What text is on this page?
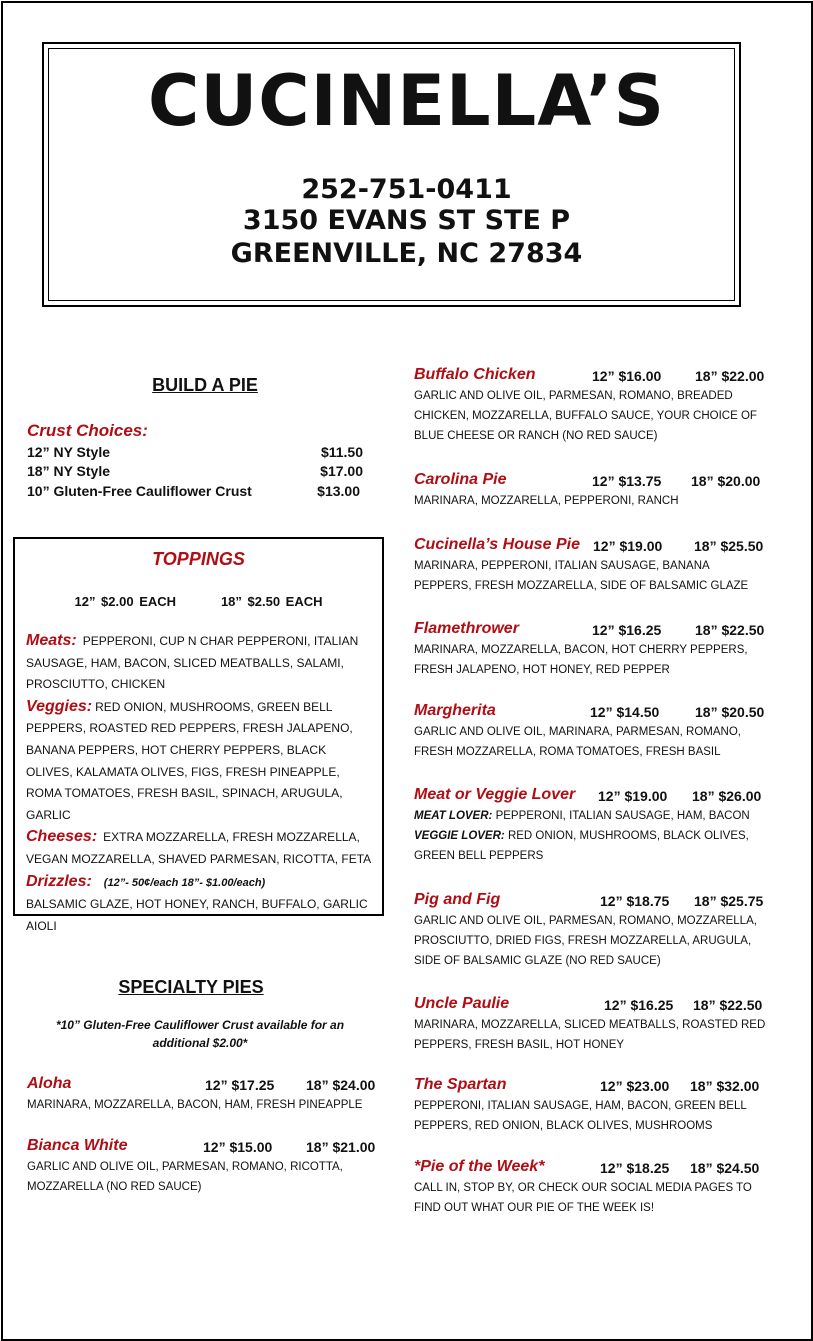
CUCINELLA’S
252-751-0411
3150 EVANS ST STE P
GREENVILLE, NC 27834
BUILD A PIE
Crust Choices:
12” NY Style	$11.50
18” NY Style	$17.00
10” Gluten-Free Cauliflower Crust	$13.00
TOPPINGS
12” $2.00 EACH	18” $2.50 EACH
Meats: PEPPERONI, CUP N CHAR PEPPERONI, ITALIAN SAUSAGE, HAM, BACON, SLICED MEATBALLS, SALAMI, PROSCIUTTO, CHICKEN
Veggies: RED ONION, MUSHROOMS, GREEN BELL PEPPERS, ROASTED RED PEPPERS, FRESH JALAPENO, BANANA PEPPERS, HOT CHERRY PEPPERS, BLACK OLIVES, KALAMATA OLIVES, FIGS, FRESH PINEAPPLE, ROMA TOMATOES, FRESH BASIL, SPINACH, ARUGULA, GARLIC
Cheeses: EXTRA MOZZARELLA, FRESH MOZZARELLA, VEGAN MOZZARELLA, SHAVED PARMESAN, RICOTTA, FETA
Drizzles: (12”- 50¢/each 18”- $1.00/each)
BALSAMIC GLAZE, HOT HONEY, RANCH, BUFFALO, GARLIC AIOLI
SPECIALTY PIES
*10” Gluten-Free Cauliflower Crust available for an additional $2.00*
Aloha	12” $17.25 18” $24.00
MARINARA, MOZZARELLA, BACON, HAM, FRESH PINEAPPLE
Bianca White	12” $15.00 18” $21.00
GARLIC AND OLIVE OIL, PARMESAN, ROMANO, RICOTTA, MOZZARELLA (NO RED SAUCE)
Buffalo Chicken	12” $16.00 18” $22.00
GARLIC AND OLIVE OIL, PARMESAN, ROMANO, BREADED CHICKEN, MOZZARELLA, BUFFALO SAUCE, YOUR CHOICE OF BLUE CHEESE OR RANCH (NO RED SAUCE)
Carolina Pie	12” $13.75 18” $20.00
MARINARA, MOZZARELLA, PEPPERONI, RANCH
Cucinella’s House Pie 12” $19.00 18” $25.50
MARINARA, PEPPERONI, ITALIAN SAUSAGE, BANANA PEPPERS, FRESH MOZZARELLA, SIDE OF BALSAMIC GLAZE
Flamethrower	12” $16.25 18” $22.50
MARINARA, MOZZARELLA, BACON, HOT CHERRY PEPPERS, FRESH JALAPENO, HOT HONEY, RED PEPPER
Margherita	12” $14.50	18” $20.50
GARLIC AND OLIVE OIL, MARINARA, PARMESAN, ROMANO, FRESH MOZZARELLA, ROMA TOMATOES, FRESH BASIL
Meat or Veggie Lover 12” $19.00 18” $26.00
MEAT LOVER: PEPPERONI, ITALIAN SAUSAGE, HAM, BACON
VEGGIE LOVER: RED ONION, MUSHROOMS, BLACK OLIVES, GREEN BELL PEPPERS
Pig and Fig	12” $18.75 18” $25.75
GARLIC AND OLIVE OIL, PARMESAN, ROMANO, MOZZARELLA, PROSCIUTTO, DRIED FIGS, FRESH MOZZARELLA, ARUGULA, SIDE OF BALSAMIC GLAZE (NO RED SAUCE)
Uncle Paulie	12” $16.25 18” $22.50
MARINARA, MOZZARELLA, SLICED MEATBALLS, ROASTED RED PEPPERS, FRESH BASIL, HOT HONEY
The Spartan	12” $23.00 18” $32.00
PEPPERONI, ITALIAN SAUSAGE, HAM, BACON, GREEN BELL PEPPERS, RED ONION, BLACK OLIVES, MUSHROOMS
*Pie of the Week*	12” $18.25 18” $24.50
CALL IN, STOP BY, OR CHECK OUR SOCIAL MEDIA PAGES TO FIND OUT WHAT OUR PIE OF THE WEEK IS!
